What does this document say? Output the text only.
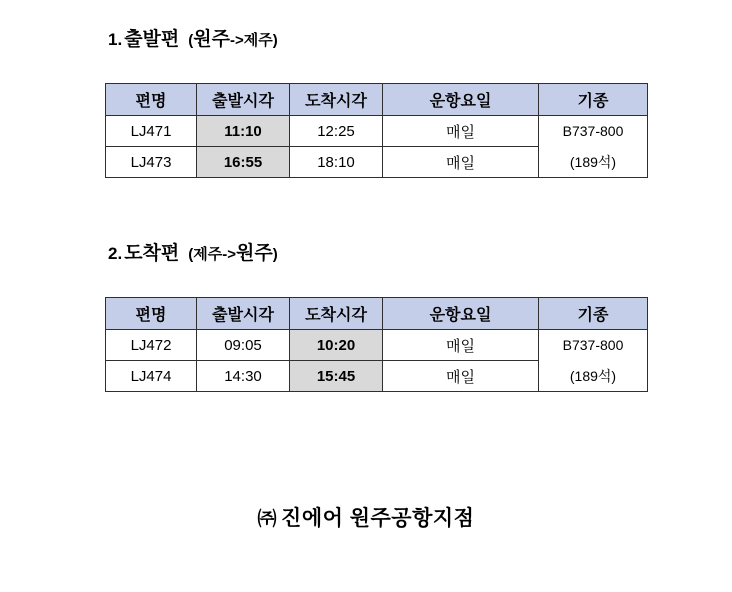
1. 출발편 (원주->제주)
편명	출발시각	도착시각	운항요일	기종
LJ471	11:10	12:25	매일	B737-800
LJ473	16:55	18:10	매일	(189석)
2. 도착편 (제주->원주)
편명	출발시각	도착시각	운항요일	기종
LJ472	09:05	10:20	매일	B737-800
LJ474	14:30	15:45	매일	(189석)
㈜ 진에어 원주공항지점
